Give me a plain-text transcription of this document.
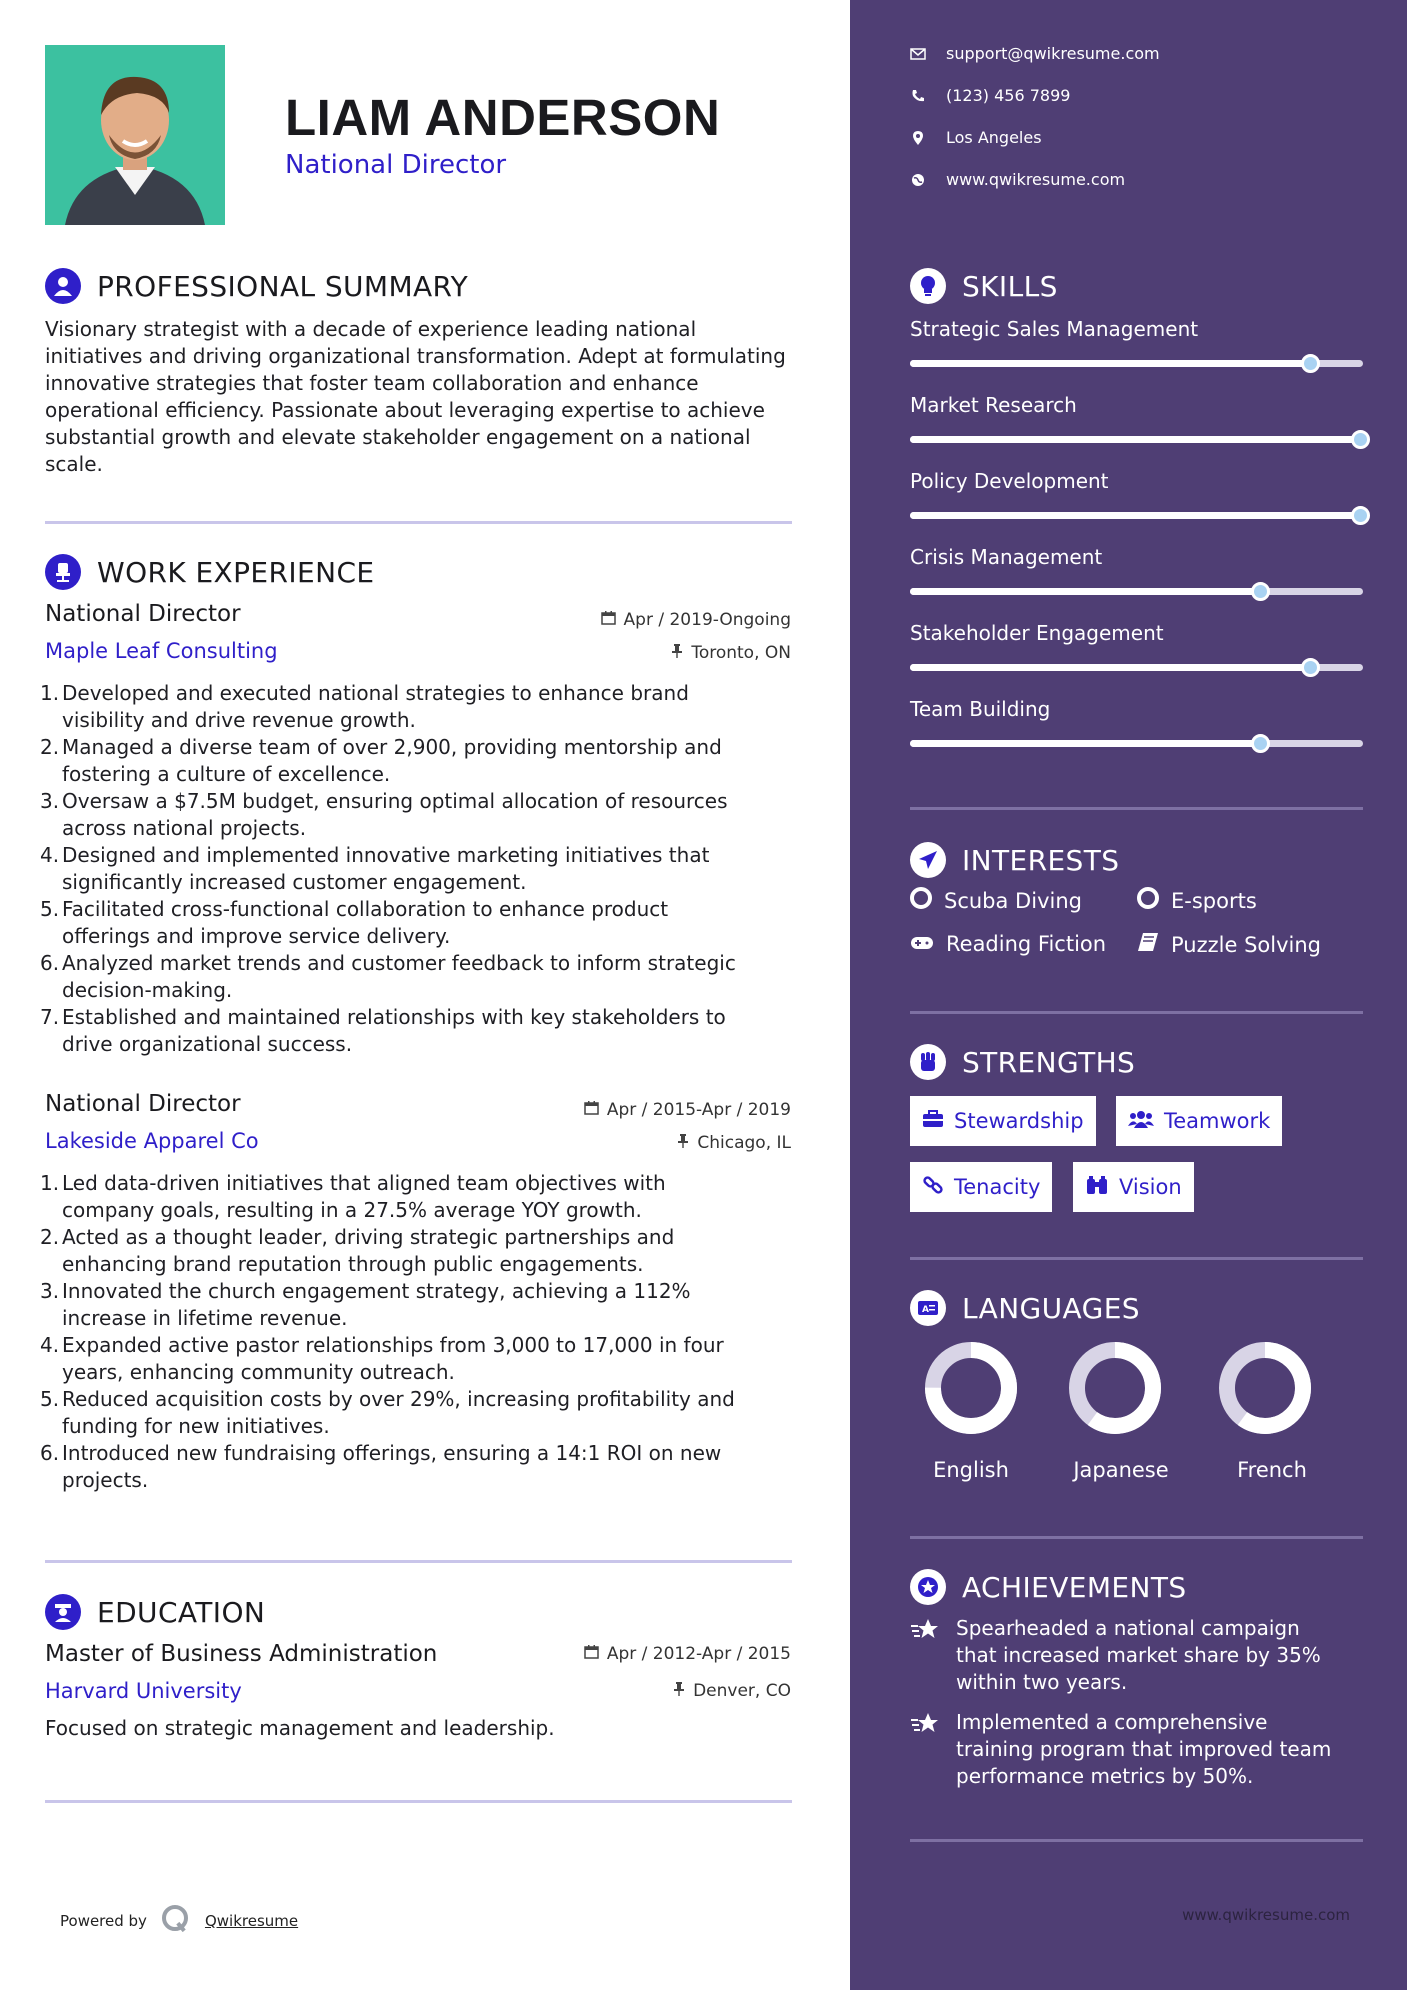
LIAM ANDERSON
National Director
PROFESSIONAL SUMMARY
Visionary strategist with a decade of experience leading national initiatives and driving organizational transformation. Adept at formulating innovative strategies that foster team collaboration and enhance operational efficiency. Passionate about leveraging expertise to achieve substantial growth and elevate stakeholder engagement on a national scale.
WORK EXPERIENCE
National Director
Maple Leaf Consulting
Apr / 2019-Ongoing
Toronto, ON
1. Developed and executed national strategies to enhance brand
visibility and drive revenue growth.
2. Managed a diverse team of over 2,900, providing mentorship and
fostering a culture of excellence.
3. Oversaw a $7.5M budget, ensuring optimal allocation of resources
across national projects.
4. Designed and implemented innovative marketing initiatives that
significantly increased customer engagement.
5. Facilitated cross-functional collaboration to enhance product
offerings and improve service delivery.
6. Analyzed market trends and customer feedback to inform strategic
decision-making.
7. Established and maintained relationships with key stakeholders to
drive organizational success.
National Director
Lakeside Apparel Co
Apr / 2015-Apr / 2019
Chicago, IL
1. Led data-driven initiatives that aligned team objectives with
company goals, resulting in a 27.5% average YOY growth.
2. Acted as a thought leader, driving strategic partnerships and
enhancing brand reputation through public engagements.
3. Innovated the church engagement strategy, achieving a 112%
increase in lifetime revenue.
4. Expanded active pastor relationships from 3,000 to 17,000 in four
years, enhancing community outreach.
5. Reduced acquisition costs by over 29%, increasing profitability and
funding for new initiatives.
6. Introduced new fundraising offerings, ensuring a 14:1 ROI on new
projects.
EDUCATION
Master of Business Administration
Harvard University
Apr / 2012-Apr / 2015
Denver, CO
Focused on strategic management and leadership.
Powered by	Qwikresume
support@qwikresume.com
(123) 456 7899
Los Angeles
www.qwikresume.com
SKILLS
Strategic Sales Management
Market Research
Policy Development
Crisis Management
Stakeholder Engagement
Team Building
INTERESTS
Scuba Diving	E-sports
Reading Fiction	Puzzle Solving
STRENGTHS
Stewardship	Teamwork
Tenacity	Vision
A LANGUAGES
English	Japanese	French
ACHIEVEMENTS
Spearheaded a national campaign
that increased market share by 35%
within two years.
Implemented a comprehensive
training program that improved team
performance metrics by 50%.
www.qwikresume.com
